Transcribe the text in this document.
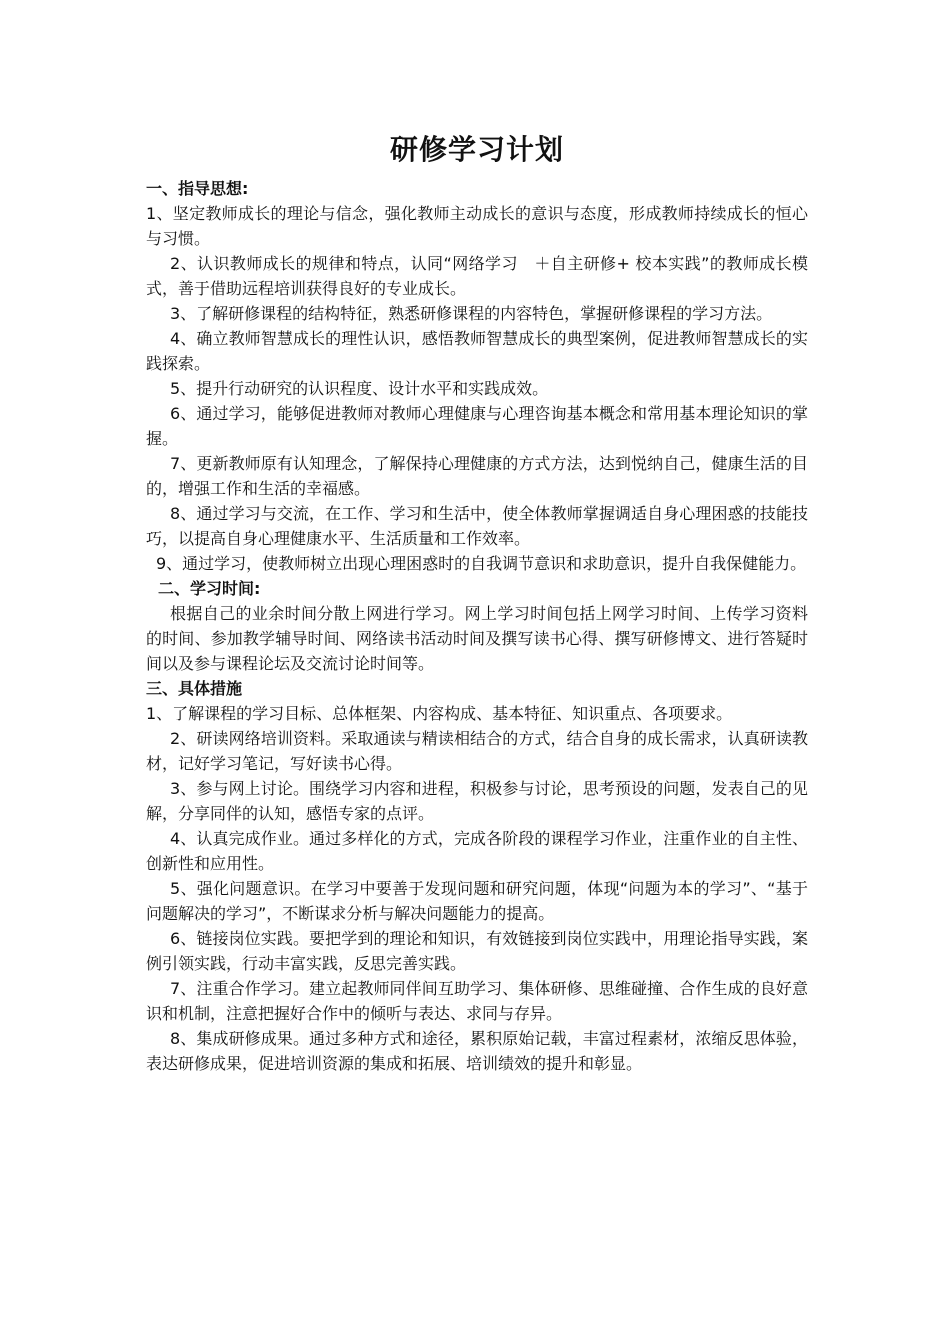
研修学习计划

一、指导思想:

1、坚定教师成长的理论与信念，强化教师主动成长的意识与态度，形成教师持续成长的恒心与习惯。

2、认识教师成长的规律和特点，认同“网络学习　＋自主研修+ 校本实践”的教师成长模式，善于借助远程培训获得良好的专业成长。

3、了解研修课程的结构特征，熟悉研修课程的内容特色，掌握研修课程的学习方法。

4、确立教师智慧成长的理性认识，感悟教师智慧成长的典型案例，促进教师智慧成长的实践探索。

5、提升行动研究的认识程度、设计水平和实践成效。

6、通过学习，能够促进教师对教师心理健康与心理咨询基本概念和常用基本理论知识的掌握。

7、更新教师原有认知理念，了解保持心理健康的方式方法，达到悦纳自己，健康生活的目的，增强工作和生活的幸福感。

8、通过学习与交流，在工作、学习和生活中，使全体教师掌握调适自身心理困惑的技能技巧，以提高自身心理健康水平、生活质量和工作效率。

9、通过学习，使教师树立出现心理困惑时的自我调节意识和求助意识，提升自我保健能力。

二、学习时间:

根据自己的业余时间分散上网进行学习。网上学习时间包括上网学习时间、上传学习资料的时间、参加教学辅导时间、网络读书活动时间及撰写读书心得、撰写研修博文、进行答疑时间以及参与课程论坛及交流讨论时间等。

三、具体措施

1、了解课程的学习目标、总体框架、内容构成、基本特征、知识重点、各项要求。

2、研读网络培训资料。采取通读与精读相结合的方式，结合自身的成长需求，认真研读教材，记好学习笔记，写好读书心得。

3、参与网上讨论。围绕学习内容和进程，积极参与讨论，思考预设的问题，发表自己的见解，分享同伴的认知，感悟专家的点评。

4、认真完成作业。通过多样化的方式，完成各阶段的课程学习作业，注重作业的自主性、创新性和应用性。

5、强化问题意识。在学习中要善于发现问题和研究问题，体现“问题为本的学习”、“基于问题解决的学习”，不断谋求分析与解决问题能力的提高。

6、链接岗位实践。要把学到的理论和知识，有效链接到岗位实践中，用理论指导实践，案例引领实践，行动丰富实践，反思完善实践。

7、注重合作学习。建立起教师同伴间互助学习、集体研修、思维碰撞、合作生成的良好意识和机制，注意把握好合作中的倾听与表达、求同与存异。

8、集成研修成果。通过多种方式和途径，累积原始记载，丰富过程素材，浓缩反思体验，表达研修成果，促进培训资源的集成和拓展、培训绩效的提升和彰显。
